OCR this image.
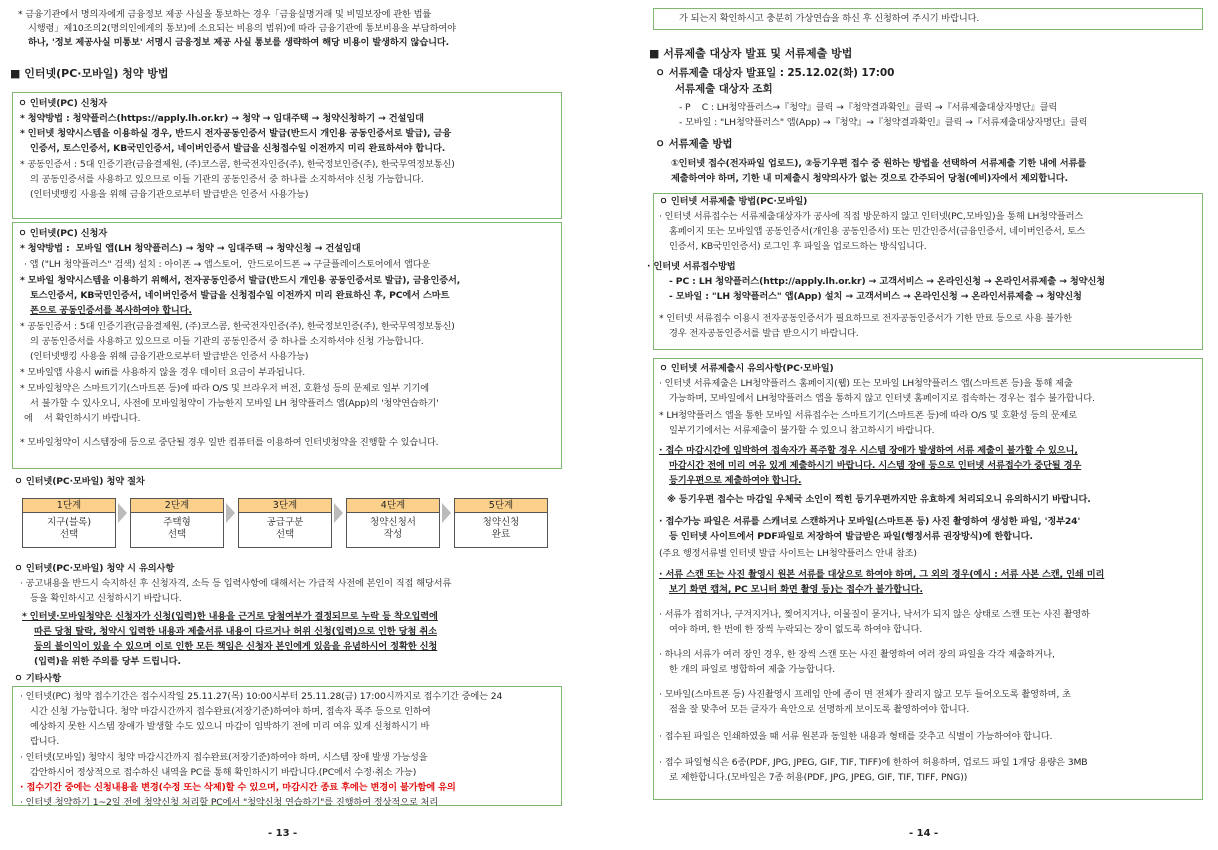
* 금융기관에서 명의자에게 금융정보 제공 사실을 통보하는 경우「금융실명거래 및 비밀보장에 관한 법률
시행령」제10조의2(명의인에게의 통보)에 소요되는 비용의 범위)에 따라 금융기관에 통보비용을 부담하여야
하나, '정보 제공사실 미통보' 서명시 금융정보 제공 사실 통보를 생략하여 해당 비용이 발생하지 않습니다.
■ 인터넷(PC·모바일) 청약 방법
ㅇ 인터넷(PC) 신청자
* 청약방법 : 청약플러스(https://apply.lh.or.kr) → 청약 → 임대주택 → 청약신청하기 → 건설임대
* 인터넷 청약시스템을 이용하실 경우, 반드시 전자공동인증서 발급(반드시 개인용 공동인증서로 발급), 금융
인증서, 토스인증서, KB국민인증서, 네이버인증서 발급을 신청접수일 이전까지 미리 완료하셔야 합니다.
* 공동인증서 : 5대 인증기관(금융결제원, (주)코스콤, 한국전자인증(주), 한국정보인증(주), 한국무역정보통신)
의 공동인증서를 사용하고 있으므로 이들 기관의 공동인증서 중 하나를 소지하셔야 신청 가능합니다.
(인터넷뱅킹 사용을 위해 금융기관으로부터 발급받은 인증서 사용가능)
ㅇ 인터넷(PC) 신청자
* 청약방법 :  모바일 앱(LH 청약플러스) → 청약 → 임대주택 → 청약신청 → 건설임대
· 앱 ("LH 청약플러스" 검색) 설치 : 아이폰 → 앱스토어,  안드로이드폰 → 구글플레이스토어에서 앱다운
* 모바일 청약시스템을 이용하기 위해서, 전자공동인증서 발급(반드시 개인용 공동인증서로 발급), 금융인증서,
토스인증서, KB국민인증서, 네이버인증서 발급을 신청접수일 이전까지 미리 완료하신 후, PC에서 스마트
폰으로 공동인증서를 복사하여야 합니다.
* 공동인증서 : 5대 인증기관(금융결제원, (주)코스콤, 한국전자인증(주), 한국정보인증(주), 한국무역정보통신)
의 공동인증서를 사용하고 있으므로 이들 기관의 공동인증서 중 하나를 소지하셔야 신청 가능합니다.
(인터넷뱅킹 사용을 위해 금융기관으로부터 발급받은 인증서 사용가능)
* 모바일앱 사용시 wifi를 사용하지 않을 경우 데이터 요금이 부과됩니다.
* 모바일청약은 스마트기기(스마트폰 등)에 따라 O/S 및 브라우저 버전, 호환성 등의 문제로 일부 기기에
서 불가할 수 있사오니, 사전에 모바일청약이 가능한지 모바일 LH 청약플러스 앱(App)의 '청약연습하기'
에    서 확인하시기 바랍니다.
* 모바일청약이 시스템장애 등으로 중단될 경우 일반 컴퓨터를 이용하여 인터넷청약을 진행할 수 있습니다.
ㅇ 인터넷(PC·모바일) 청약 절차
1단계
지구(블록)
선택
2단계
주택형
선택
3단계
공급구분
선택
4단계
청약신청서
작성
5단계
청약신청
완료
ㅇ 인터넷(PC·모바일) 청약 시 유의사항
· 공고내용을 반드시 숙지하신 후 신청자격, 소득 등 입력사항에 대해서는 가급적 사전에 본인이 직접 해당서류
등을 확인하시고 신청하시기 바랍니다.
* 인터넷·모바일청약은 신청자가 신청(입력)한 내용을 근거로 당첨여부가 결정되므로 누락 등 착오입력에
따른 당첨 탈락, 청약시 입력한 내용과 제출서류 내용이 다르거나 허위 신청(입력)으로 인한 당첨 취소
등의 불이익이 있을 수 있으며 이로 인한 모든 책임은 신청자 본인에게 있음을 유념하시어 정확한 신청
(입력)을 위한 주의를 당부 드립니다.
ㅇ 기타사항
· 인터넷(PC) 청약 접수기간은 접수시작일 25.11.27(목) 10:00시부터 25.11.28(금) 17:00시까지로 접수기간 중에는 24
시간 신청 가능합니다. 청약 마감시간까지 접수완료(저장기준)하여야 하며, 접속자 폭주 등으로 인하여
예상하지 못한 시스템 장애가 발생할 수도 있으니 마감이 임박하기 전에 미리 여유 있게 신청하시기 바
랍니다.
· 인터넷(모바일) 청약시 청약 마감시간까지 접수완료(저장기준)하여야 하며, 시스템 장애 발생 가능성을
감안하시어 정상적으로 접수하신 내역을 PC를 통해 확인하시기 바랍니다.(PC에서 수정·취소 가능)
· 접수기간 중에는 신청내용을 변경(수정 또는 삭제)할 수 있으며, 마감시간 종료 후에는 변경이 불가함에 유의
· 인터넷 청약하기 1~2일 전에 청약신청 처리할 PC에서 "청약신청 연습하기"를 진행하여 정상적으로 처리
- 13 -
가 되는지 확인하시고 충분히 가상연습을 하신 후 신청하여 주시기 바랍니다.
■ 서류제출 대상자 발표 및 서류제출 방법
ㅇ 서류제출 대상자 발표일 : 25.12.02(화) 17:00
서류제출 대상자 조회
- P    C : LH청약플러스→『청약』클릭 →『청약결과확인』클릭 →『서류제출대상자명단』클릭
- 모바일 : "LH청약플러스" 앱(App) →『청약』→『청약결과확인』클릭 →『서류제출대상자명단』클릭
ㅇ 서류제출 방법
①인터넷 접수(전자파일 업로드), ②등기우편 접수 중 원하는 방법을 선택하여 서류제출 기한 내에 서류를
제출하여야 하며, 기한 내 미제출시 청약의사가 없는 것으로 간주되어 당첨(예비)자에서 제외합니다.
ㅇ 인터넷 서류제출 방법(PC·모바일)
· 인터넷 서류접수는 서류제출대상자가 공사에 직접 방문하지 않고 인터넷(PC,모바일)을 통해 LH청약플러스
홈페이지 또는 모바일앱 공동인증서(개인용 공동인증서) 또는 민간인증서(금융인증서, 네이버인증서, 토스
인증서, KB국민인증서) 로그인 후 파일을 업로드하는 방식입니다.
· 인터넷 서류접수방법
- PC : LH 청약플러스(http://apply.lh.or.kr) → 고객서비스 → 온라인신청 → 온라인서류제출 → 청약신청
- 모바일 : "LH 청약플러스" 앱(App) 설치 → 고객서비스 → 온라인신청 → 온라인서류제출 → 청약신청
* 인터넷 서류접수 이용시 전자공동인증서가 필요하므로 전자공동인증서가 기한 만료 등으로 사용 불가한
경우 전자공동인증서를 발급 받으시기 바랍니다.
ㅇ 인터넷 서류제출시 유의사항(PC·모바일)
· 인터넷 서류제출은 LH청약플러스 홈페이지(웹) 또는 모바일 LH청약플러스 앱(스마트폰 등)을 통해 제출
가능하며, 모바일에서 LH청약플러스 앱을 통하지 않고 인터넷 홈페이지로 접속하는 경우는 접수 불가합니다.
* LH청약플러스 앱을 통한 모바일 서류접수는 스마트기기(스마트폰 등)에 따라 O/S 및 호환성 등의 문제로
일부기기에서는 서류제출이 불가할 수 있으니 참고하시기 바랍니다.
· 접수 마감시간에 임박하여 접속자가 폭주할 경우 시스템 장애가 발생하여 서류 제출이 불가할 수 있으니,
마감시간 전에 미리 여유 있게 제출하시기 바랍니다. 시스템 장애 등으로 인터넷 서류접수가 중단될 경우
등기우편으로 제출하여야 합니다.
※ 등기우편 접수는 마감일 우체국 소인이 찍힌 등기우편까지만 유효하게 처리되오니 유의하시기 바랍니다.
· 접수가능 파일은 서류를 스캐너로 스캔하거나 모바일(스마트폰 등) 사진 촬영하여 생성한 파일, '정부24'
등 인터넷 사이트에서 PDF파일로 저장하여 발급받은 파일(행정서류 권장방식)에 한합니다.
(주요 행정서류별 인터넷 발급 사이트는 LH청약플러스 안내 참조)
· 서류 스캔 또는 사진 촬영시 원본 서류를 대상으로 하여야 하며, 그 외의 경우(예시 : 서류 사본 스캔, 인쇄 미리
보기 화면 캡쳐, PC 모니터 화면 촬영 등)는 접수가 불가합니다.
· 서류가 접히거나, 구겨지거나, 찢어지거나, 이물질이 묻거나, 낙서가 되지 않은 상태로 스캔 또는 사진 촬영하
여야 하며, 한 번에 한 장씩 누락되는 장이 없도록 하여야 합니다.
· 하나의 서류가 여러 장인 경우, 한 장씩 스캔 또는 사진 촬영하여 여러 장의 파일을 각각 제출하거나,
한 개의 파일로 병합하여 제출 가능합니다.
· 모바일(스마트폰 등) 사진촬영시 프레임 안에 종이 면 전체가 잘리지 않고 모두 들어오도록 촬영하며, 초
점을 잘 맞추어 모든 글자가 육안으로 선명하게 보이도록 촬영하여야 합니다.
· 접수된 파일은 인쇄하였을 때 서류 원본과 동일한 내용과 형태를 갖추고 식별이 가능하여야 합니다.
· 접수 파일형식은 6종(PDF, JPG, JPEG, GIF, TIF, TIFF)에 한하여 허용하며, 업로드 파일 1개당 용량은 3MB
로 제한합니다.(모바일은 7종 허용(PDF, JPG, JPEG, GIF, TIF, TIFF, PNG))
- 14 -
